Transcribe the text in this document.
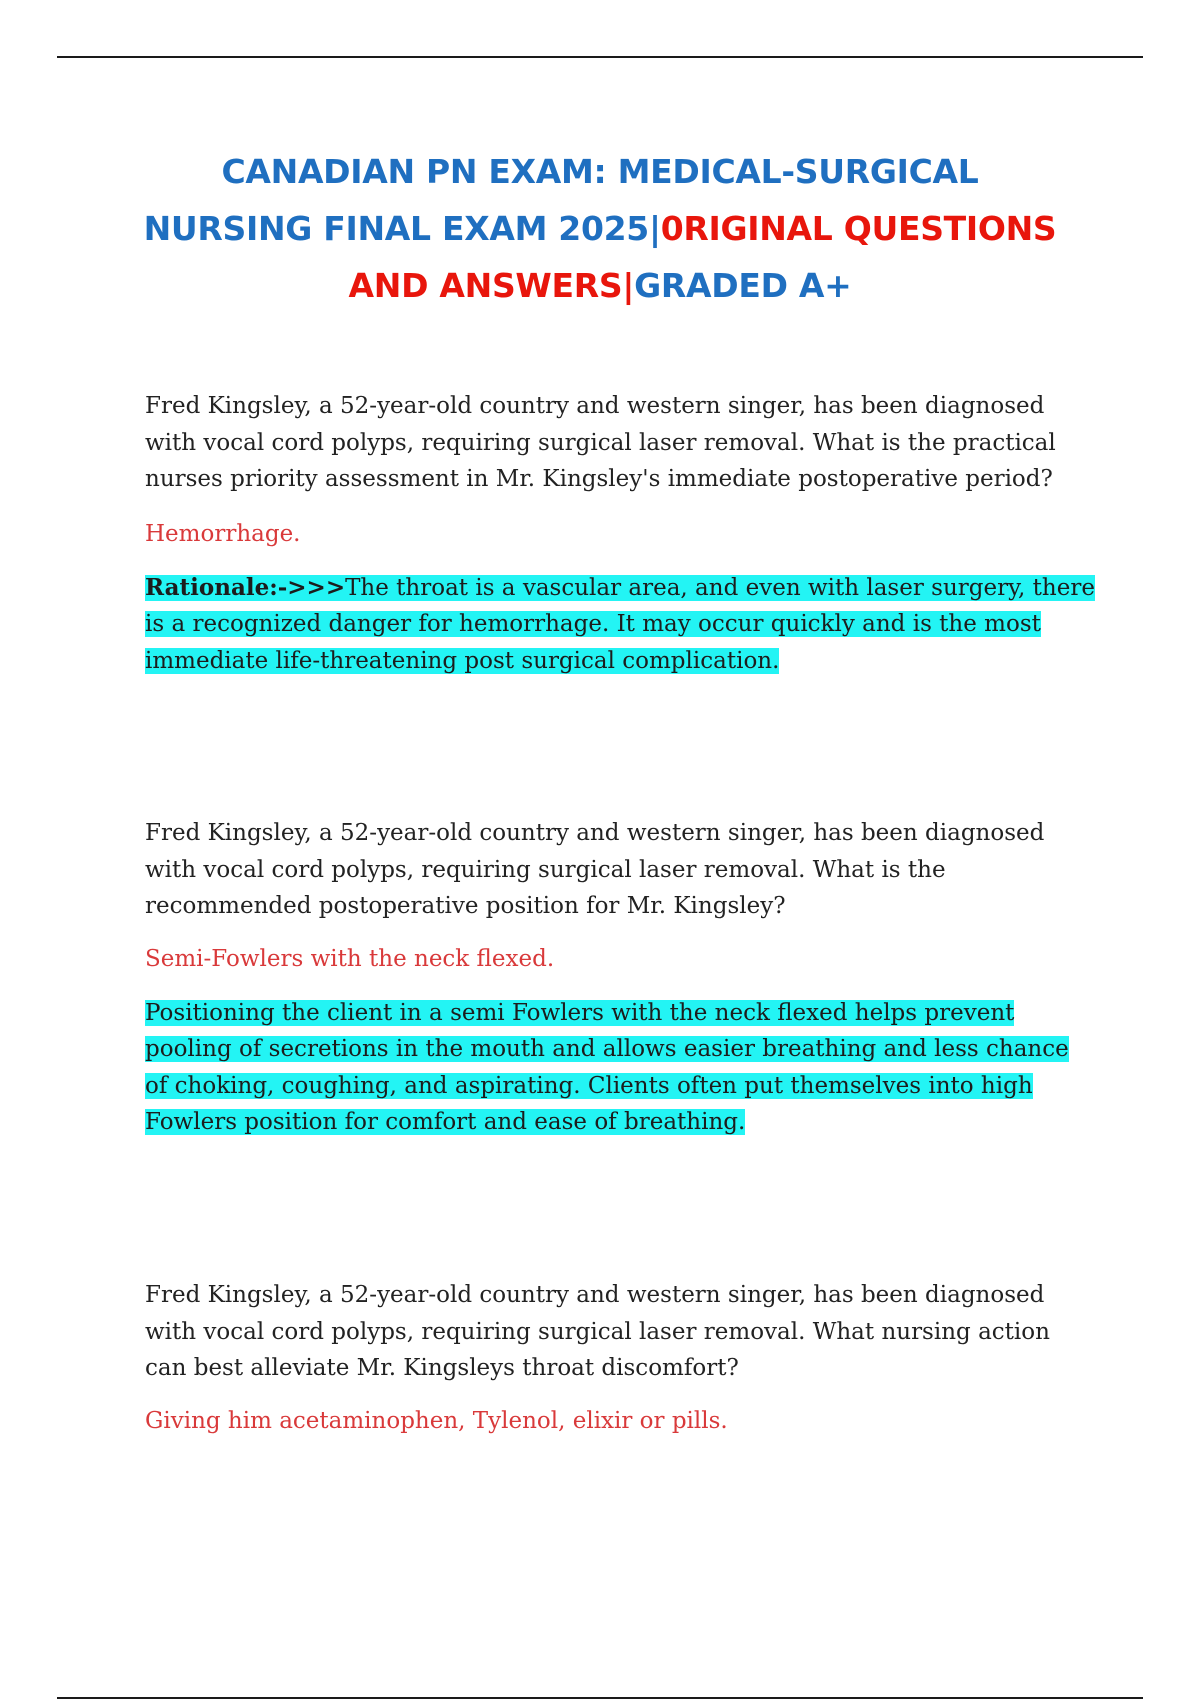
CANADIAN PN EXAM: MEDICAL-SURGICAL
NURSING FINAL EXAM 2025|0RIGINAL QUESTIONS
AND ANSWERS|GRADED A+

Fred Kingsley, a 52-year-old country and western singer, has been diagnosed with vocal cord polyps, requiring surgical laser removal. What is the practical nurses priority assessment in Mr. Kingsley's immediate postoperative period?

Hemorrhage.

Rationale:->>>The throat is a vascular area, and even with laser surgery, there is a recognized danger for hemorrhage. It may occur quickly and is the most immediate life-threatening post surgical complication.

Fred Kingsley, a 52-year-old country and western singer, has been diagnosed with vocal cord polyps, requiring surgical laser removal. What is the recommended postoperative position for Mr. Kingsley?

Semi-Fowlers with the neck flexed.

Positioning the client in a semi Fowlers with the neck flexed helps prevent pooling of secretions in the mouth and allows easier breathing and less chance of choking, coughing, and aspirating. Clients often put themselves into high Fowlers position for comfort and ease of breathing.

Fred Kingsley, a 52-year-old country and western singer, has been diagnosed with vocal cord polyps, requiring surgical laser removal. What nursing action can best alleviate Mr. Kingsleys throat discomfort?

Giving him acetaminophen, Tylenol, elixir or pills.
